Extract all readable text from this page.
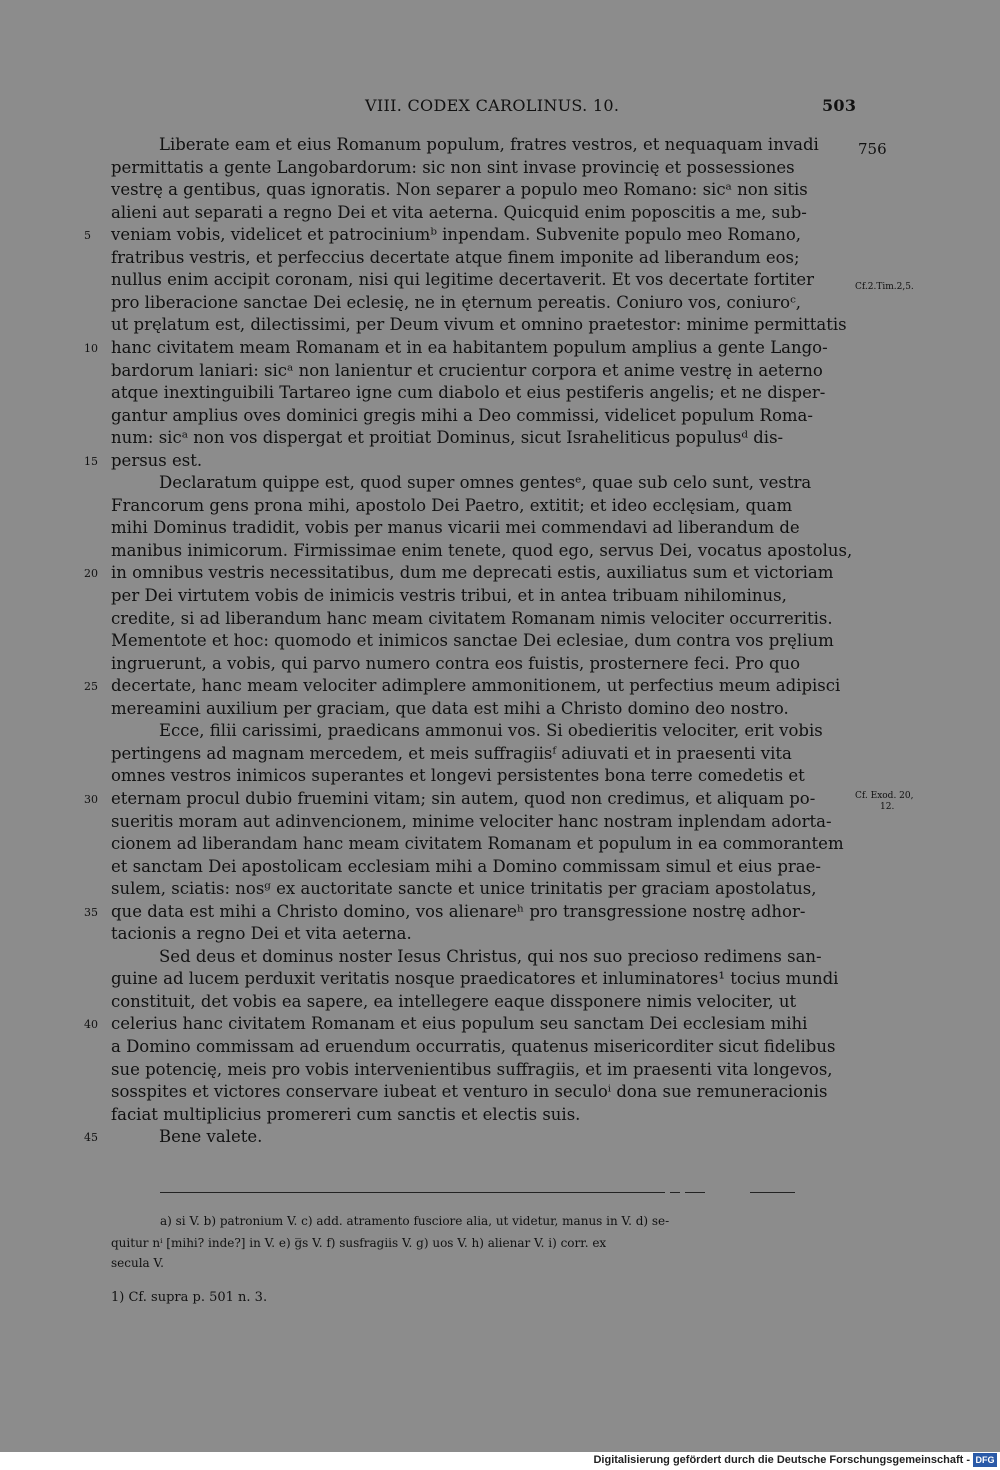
VIII. CODEX CAROLINUS. 10.	503
Liberate eam et eius Romanum populum, fratres vestros, et nequaquam invadi
permittatis a gente Langobardorum: sic non sint invase provincię et possessiones
vestrę a gentibus, quas ignoratis. Non separer a populo meo Romano: sicᵃ non sitis
alieni aut separati a regno Dei et vita aeterna. Quicquid enim poposcitis a me, sub-
veniam vobis, videlicet et patrociniumᵇ inpendam. Subvenite populo meo Romano,
fratribus vestris, et perfeccius decertate atque finem imponite ad liberandum eos;
nullus enim accipit coronam, nisi qui legitime decertaverit. Et vos decertate fortiter
pro liberacione sanctae Dei eclesię, ne in ęternum pereatis. Coniuro vos, coniuroᶜ,
ut pręlatum est, dilectissimi, per Deum vivum et omnino praetestor: minime permittatis
hanc civitatem meam Romanam et in ea habitantem populum amplius a gente Lango-
bardorum laniari: sicᵃ non lanientur et crucientur corpora et anime vestrę in aeterno
atque inextinguibili Tartareo igne cum diabolo et eius pestiferis angelis; et ne disper-
gantur amplius oves dominici gregis mihi a Deo commissi, videlicet populum Roma-
num: sicᵃ non vos dispergat et proitiat Dominus, sicut Israheliticus populusᵈ dis-
persus est.
Declaratum quippe est, quod super omnes gentesᵉ, quae sub celo sunt, vestra
Francorum gens prona mihi, apostolo Dei Paetro, extitit; et ideo ecclęsiam, quam
mihi Dominus tradidit, vobis per manus vicarii mei commendavi ad liberandum de
manibus inimicorum. Firmissimae enim tenete, quod ego, servus Dei, vocatus apostolus,
in omnibus vestris necessitatibus, dum me deprecati estis, auxiliatus sum et victoriam
per Dei virtutem vobis de inimicis vestris tribui, et in antea tribuam nihilominus,
credite, si ad liberandum hanc meam civitatem Romanam nimis velociter occurreritis.
Mementote et hoc: quomodo et inimicos sanctae Dei eclesiae, dum contra vos pręlium
ingruerunt, a vobis, qui parvo numero contra eos fuistis, prosternere feci. Pro quo
decertate, hanc meam velociter adimplere ammonitionem, ut perfectius meum adipisci
mereamini auxilium per graciam, que data est mihi a Christo domino deo nostro.
Ecce, filii carissimi, praedicans ammonui vos. Si obedieritis velociter, erit vobis
pertingens ad magnam mercedem, et meis suffragiisᶠ adiuvati et in praesenti vita
omnes vestros inimicos superantes et longevi persistentes bona terre comedetis et
eternam procul dubio fruemini vitam; sin autem, quod non credimus, et aliquam po-
sueritis moram aut adinvencionem, minime velociter hanc nostram inplendam adorta-
cionem ad liberandam hanc meam civitatem Romanam et populum in ea commorantem
et sanctam Dei apostolicam ecclesiam mihi a Domino commissam simul et eius prae-
sulem, sciatis: nosᵍ ex auctoritate sancte et unice trinitatis per graciam apostolatus,
que data est mihi a Christo domino, vos alienareʰ pro transgressione nostrę adhor-
tacionis a regno Dei et vita aeterna.
Sed deus et dominus noster Iesus Christus, qui nos suo precioso redimens san-
guine ad lucem perduxit veritatis nosque praedicatores et inluminatores¹ tocius mundi
constituit, det vobis ea sapere, ea intellegere eaque dissponere nimis velociter, ut
celerius hanc civitatem Romanam et eius populum seu sanctam Dei ecclesiam mihi
a Domino commissam ad eruendum occurratis, quatenus misericorditer sicut fidelibus
sue potencię, meis pro vobis intervenientibus suffragiis, et im praesenti vita longevos,
sosspites et victores conservare iubeat et venturo in seculoⁱ dona sue remuneracionis
faciat multiplicius promereri cum sanctis et electis suis.
Bene valete.
5
10
15
20
25
30
35
40
45
756
Cf.2.Tim.2,5.
Cf. Exod. 20,
12.
a) si V. b) patronium V. c) add. atramento fusciore alia, ut videtur, manus in V. d) se-
quitur nⁱ [mihi? inde?] in V. e) g̅s V. f) susfragiis V. g) uos V. h) alienar V. i) corr. ex
secula V.
1) Cf. supra p. 501 n. 3.
Digitalisierung gefördert durch die Deutsche Forschungsgemeinschaft - DFG
